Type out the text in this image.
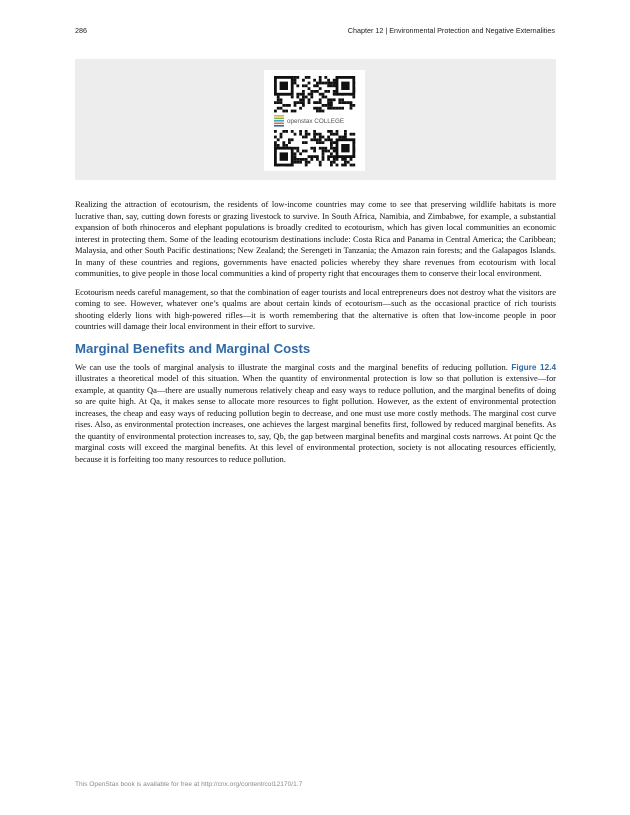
286	Chapter 12 | Environmental Protection and Negative Externalities
openstax COLLEGE

Realizing the attraction of ecotourism, the residents of low-income countries may come to see that preserving wildlife habitats is more lucrative than, say, cutting down forests or grazing livestock to survive. In South Africa, Namibia, and Zimbabwe, for example, a substantial expansion of both rhinoceros and elephant populations is broadly credited to ecotourism, which has given local communities an economic interest in protecting them. Some of the leading ecotourism destinations include: Costa Rica and Panama in Central America; the Caribbean; Malaysia, and other South Pacific destinations; New Zealand; the Serengeti in Tanzania; the Amazon rain forests; and the Galapagos Islands. In many of these countries and regions, governments have enacted policies whereby they share revenues from ecotourism with local communities, to give people in those local communities a kind of property right that encourages them to conserve their local environment.

Ecotourism needs careful management, so that the combination of eager tourists and local entrepreneurs does not destroy what the visitors are coming to see. However, whatever one’s qualms are about certain kinds of ecotourism—such as the occasional practice of rich tourists shooting elderly lions with high-powered rifles—it is worth remembering that the alternative is often that low-income people in poor countries will damage their local environment in their effort to survive.

Marginal Benefits and Marginal Costs

We can use the tools of marginal analysis to illustrate the marginal costs and the marginal benefits of reducing pollution. Figure 12.4 illustrates a theoretical model of this situation. When the quantity of environmental protection is low so that pollution is extensive—for example, at quantity Qa—there are usually numerous relatively cheap and easy ways to reduce pollution, and the marginal benefits of doing so are quite high. At Qa, it makes sense to allocate more resources to fight pollution. However, as the extent of environmental protection increases, the cheap and easy ways of reducing pollution begin to decrease, and one must use more costly methods. The marginal cost curve rises. Also, as environmental protection increases, one achieves the largest marginal benefits first, followed by reduced marginal benefits. As the quantity of environmental protection increases to, say, Qb, the gap between marginal benefits and marginal costs narrows. At point Qc the marginal costs will exceed the marginal benefits. At this level of environmental protection, society is not allocating resources efficiently, because it is forfeiting too many resources to reduce pollution.

This OpenStax book is available for free at http://cnx.org/content/col12170/1.7
